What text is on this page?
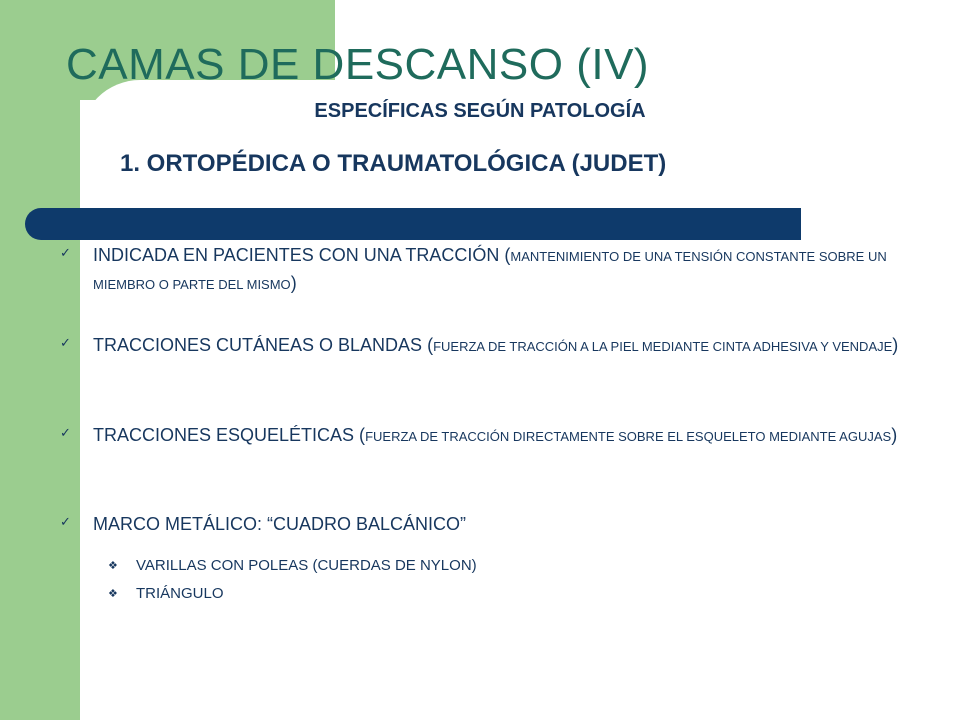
CAMAS DE DESCANSO (IV)
ESPECÍFICAS SEGÚN PATOLOGÍA
1. ORTOPÉDICA O TRAUMATOLÓGICA (JUDET)
✓ INDICADA EN PACIENTES CON UNA TRACCIÓN (MANTENIMIENTO DE UNA TENSIÓN CONSTANTE SOBRE UN MIEMBRO O PARTE DEL MISMO)
✓ TRACCIONES CUTÁNEAS O BLANDAS (FUERZA DE TRACCIÓN A LA PIEL MEDIANTE CINTA ADHESIVA Y VENDAJE)
✓ TRACCIONES ESQUELÉTICAS (FUERZA DE TRACCIÓN DIRECTAMENTE SOBRE EL ESQUELETO MEDIANTE AGUJAS)
✓ MARCO METÁLICO: “CUADRO BALCÁNICO”
❖ VARILLAS CON POLEAS (CUERDAS DE NYLON)
❖ TRIÁNGULO
